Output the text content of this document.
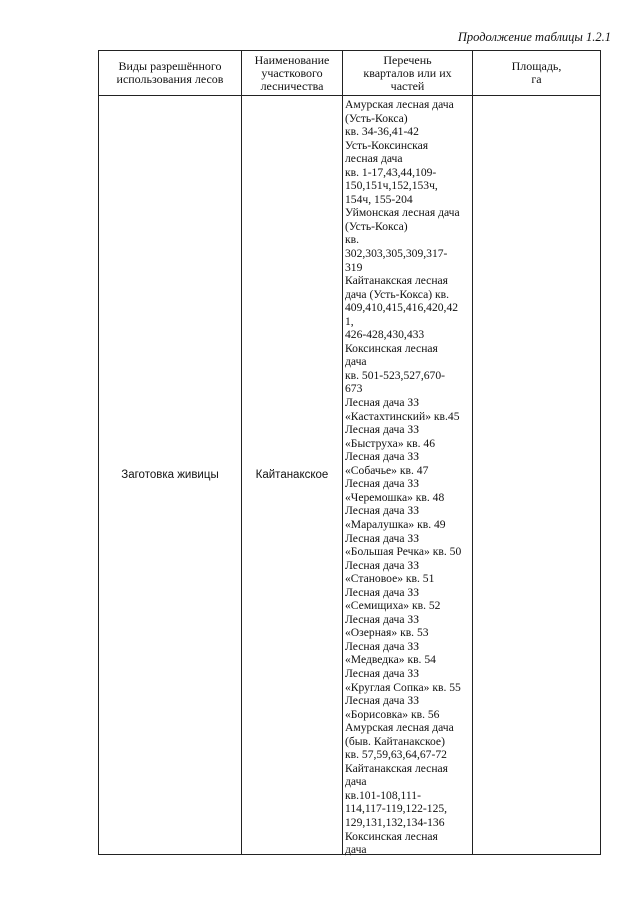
Продолжение таблицы 1.2.1
Виды разрешённого использования лесов
Наименование участкового лесничества
Перечень кварталов или их частей
Площадь, га
Заготовка живицы	Кайтанакское
Амурская лесная дача
(Усть-Кокса)
кв. 34-36,41-42
Усть-Коксинская
лесная дача
кв. 1-17,43,44,109-
150,151ч,152,153ч,
154ч, 155-204
Уймонская лесная дача
(Усть-Кокса)
кв.
302,303,305,309,317-
319
Кайтанакская лесная
дача (Усть-Кокса) кв.
409,410,415,416,420,42
1,
426-428,430,433
Коксинская лесная
дача
кв. 501-523,527,670-
673
Лесная дача ЗЗ
«Кастахтинский» кв.45
Лесная дача ЗЗ
«Быструха» кв. 46
Лесная дача ЗЗ
«Собачье» кв. 47
Лесная дача ЗЗ
«Черемошка» кв. 48
Лесная дача ЗЗ
«Маралушка» кв. 49
Лесная дача ЗЗ
«Большая Речка» кв. 50
Лесная дача ЗЗ
«Становое» кв. 51
Лесная дача ЗЗ
«Семищиха» кв. 52
Лесная дача ЗЗ
«Озерная» кв. 53
Лесная дача ЗЗ
«Медведка» кв. 54
Лесная дача ЗЗ
«Круглая Сопка» кв. 55
Лесная дача ЗЗ
«Борисовка» кв. 56
Амурская лесная дача
(быв. Кайтанакское)
кв. 57,59,63,64,67-72
Кайтанакская лесная
дача
кв.101-108,111-
114,117-119,122-125,
129,131,132,134-136
Коксинская лесная
дача
